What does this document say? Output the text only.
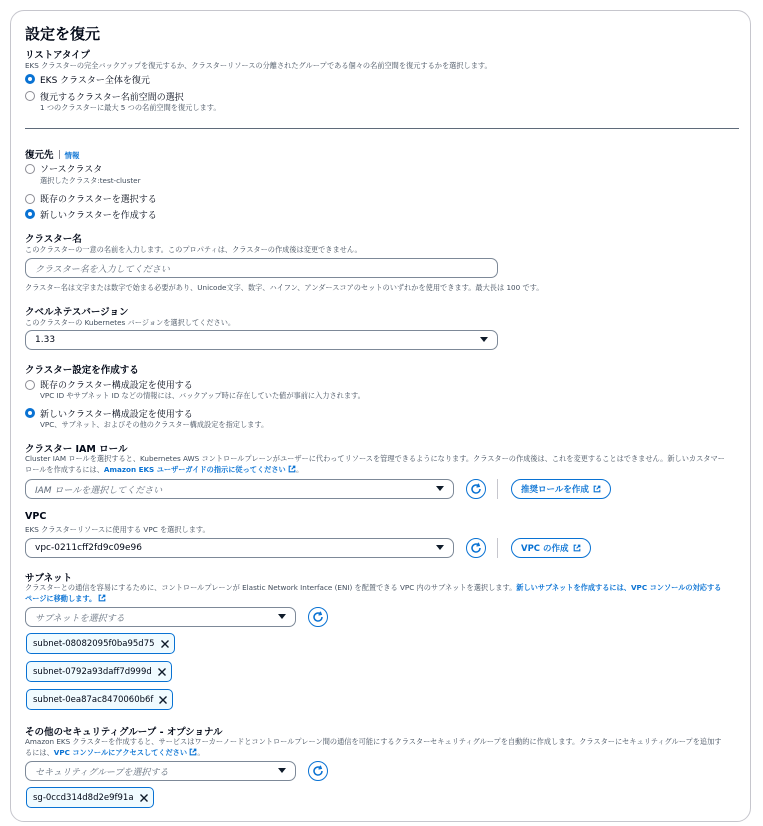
設定を復元
リストアタイプ
EKS クラスターの完全バックアップを復元するか、クラスターリソースの分離されたグループである個々の名前空間を復元するかを選択します。
EKS クラスター全体を復元
復元するクラスター名前空間の選択
1 つのクラスターに最大 5 つの名前空間を復元します。
復元先 情報
ソースクラスタ
選択したクラスタ:test-cluster
既存のクラスターを選択する
新しいクラスターを作成する
クラスター名
このクラスターの一意の名前を入力します。このプロパティは、クラスターの作成後は変更できません。
クラスター名を入力してください
クラスター名は文字または数字で始まる必要があり、Unicode文字、数字、ハイフン、アンダースコアのセットのいずれかを使用できます。最大長は 100 です。
クベルネテスバージョン
このクラスターの Kubernetes バージョンを選択してください。
1.33
クラスター設定を作成する
既存のクラスター構成設定を使用する
VPC ID やサブネット ID などの情報には、バックアップ時に存在していた値が事前に入力されます。
新しいクラスター構成設定を使用する
VPC、サブネット、およびその他のクラスター構成設定を指定します。
クラスター IAM ロール
Cluster IAM ロールを選択すると、Kubernetes AWS コントロールプレーンがユーザーに代わってリソースを管理できるようになります。クラスターの作成後は、これを変更することはできません。新しいカスタマーロールを作成するには、Amazon EKS ユーザーガイドの指示に従ってください 。
IAM ロールを選択してください	推奨ロールを作成
VPC
EKS クラスターリソースに使用する VPC を選択します。
vpc-0211cff2fd9c09e96	VPC の作成
サブネット
クラスターとの通信を容易にするために、コントロールプレーンが Elastic Network Interface (ENI) を配置できる VPC 内のサブネットを選択します。新しいサブネットを作成するには、VPC コンソールの対応するページに移動します。
サブネットを選択する
subnet-08082095f0ba95d75
subnet-0792a93daff7d999d
subnet-0ea87ac8470060b6f
その他のセキュリティグループ - オプショナル
Amazon EKS クラスターを作成すると、サービスはワーカーノードとコントロールプレーン間の通信を可能にするクラスターセキュリティグループを自動的に作成します。クラスターにセキュリティグループを追加するには、VPC コンソールにアクセスしてください 。
セキュリティグループを選択する
sg-0ccd314d8d2e9f91a
